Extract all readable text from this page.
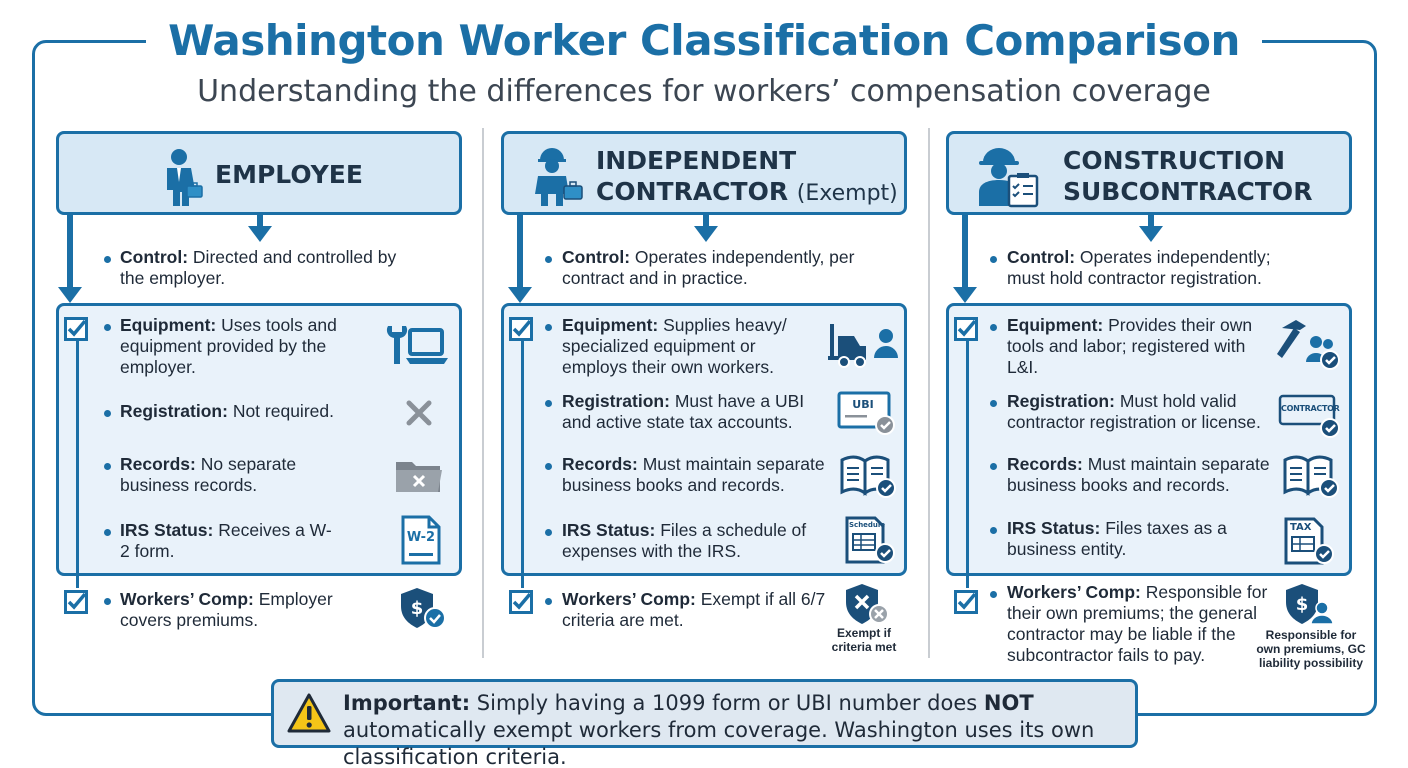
Washington Worker Classification Comparison
Understanding the differences for workers’ compensation coverage
EMPLOYEE
Control: Directed and controlled by the employer.
Equipment: Uses tools and equipment provided by the employer.
Registration: Not required.
Records: No separate business records.
IRS Status: Receives a W-2 form.
W-2
Workers’ Comp: Employer covers premiums.
$
INDEPENDENT CONTRACTOR (Exempt)
Control: Operates independently, per contract and in practice.
Equipment: Supplies heavy/ specialized equipment or employs their own workers.
Registration: Must have a UBI and active state tax accounts.
UBI
Records: Must maintain separate business books and records.
IRS Status: Files a schedule of expenses with the IRS.
Schedule
Workers’ Comp: Exempt if all 6/7 criteria are met.
Exempt if criteria met
CONSTRUCTION SUBCONTRACTOR
Control: Operates independently; must hold contractor registration.
Equipment: Provides their own tools and labor; registered with L&I.
Registration: Must hold valid contractor registration or license.
CONTRACTOR
Records: Must maintain separate business books and records.
IRS Status: Files taxes as a business entity.
TAX
Workers’ Comp: Responsible for their own premiums; the general contractor may be liable if the subcontractor fails to pay.
$
Responsible for own premiums, GC liability possibility
Important: Simply having a 1099 form or UBI number does NOT automatically exempt workers from coverage. Washington uses its own classification criteria.
